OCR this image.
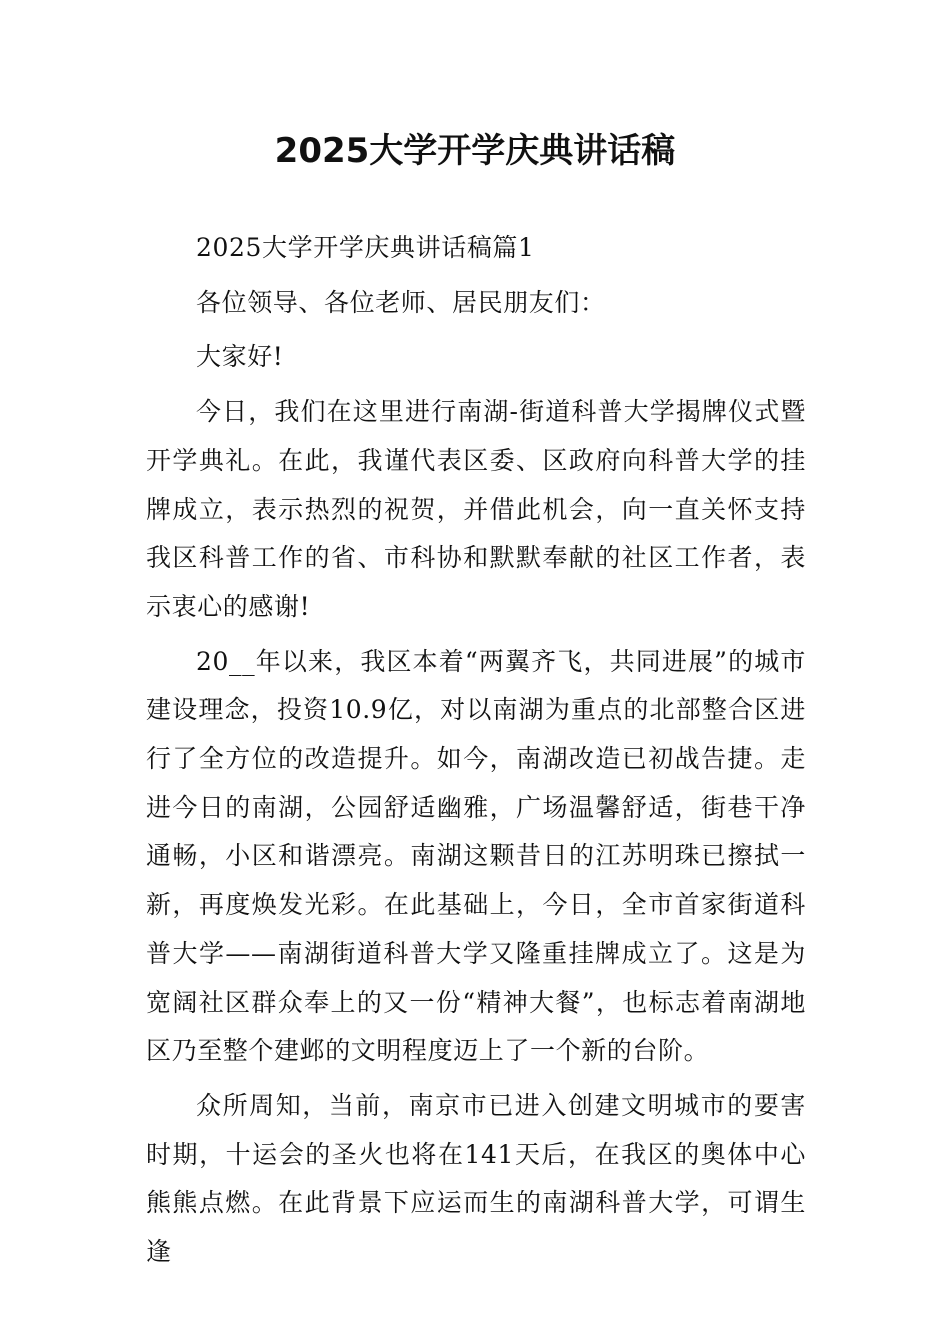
2025大学开学庆典讲话稿

2025大学开学庆典讲话稿篇1

各位领导、各位老师、居民朋友们：

大家好!

今日，我们在这里进行南湖-街道科普大学揭牌仪式暨开学典礼。在此，我谨代表区委、区政府向科普大学的挂牌成立，表示热烈的祝贺，并借此机会，向一直关怀支持我区科普工作的省、市科协和默默奉献的社区工作者，表示衷心的感谢!

20__年以来，我区本着“两翼齐飞，共同进展”的城市建设理念，投资10.9亿，对以南湖为重点的北部整合区进行了全方位的改造提升。如今，南湖改造已初战告捷。走进今日的南湖，公园舒适幽雅，广场温馨舒适，街巷干净通畅，小区和谐漂亮。南湖这颗昔日的江苏明珠已擦拭一新，再度焕发光彩。在此基础上，今日，全市首家街道科普大学——南湖街道科普大学又隆重挂牌成立了。这是为宽阔社区群众奉上的又一份“精神大餐”，也标志着南湖地区乃至整个建邺的文明程度迈上了一个新的台阶。

众所周知，当前，南京市已进入创建文明城市的要害时期，十运会的圣火也将在141天后，在我区的奥体中心熊熊点燃。在此背景下应运而生的南湖科普大学，可谓生逢
